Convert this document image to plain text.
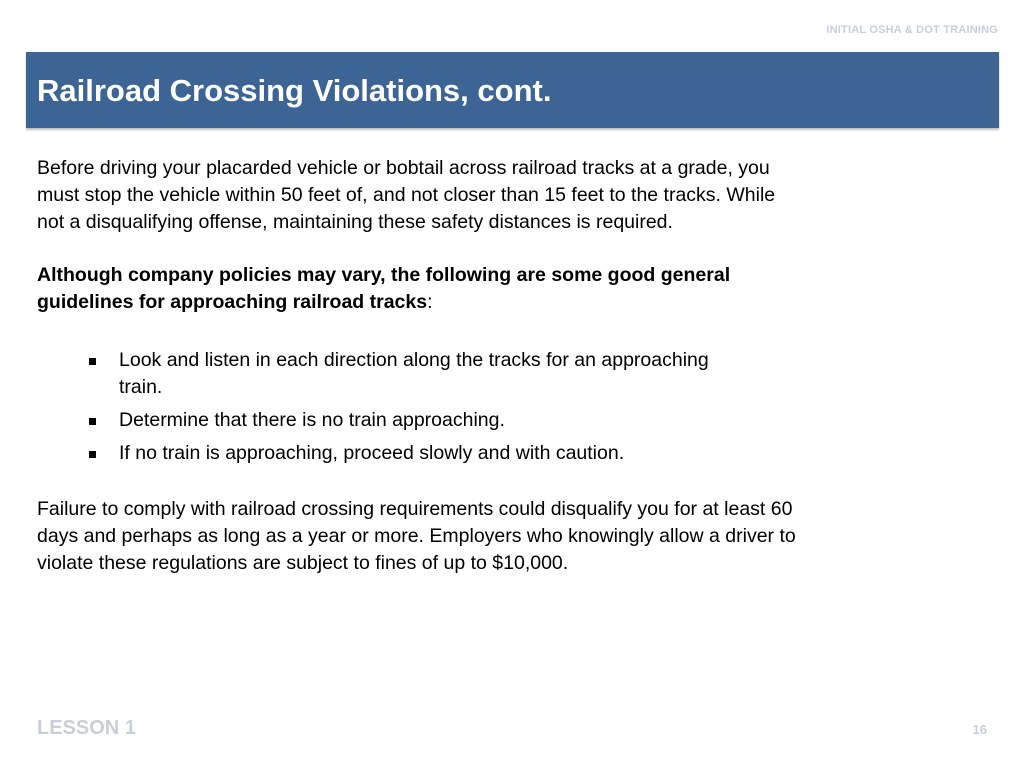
INITIAL OSHA & DOT TRAINING
Railroad Crossing Violations, cont.

Before driving your placarded vehicle or bobtail across railroad tracks at a grade, you must stop the vehicle within 50 feet of, and not closer than 15 feet to the tracks. While not a disqualifying offense, maintaining these safety distances is required.

Although company policies may vary, the following are some good general guidelines for approaching railroad tracks:

Look and listen in each direction along the tracks for an approaching train.
Determine that there is no train approaching.
If no train is approaching, proceed slowly and with caution.

Failure to comply with railroad crossing requirements could disqualify you for at least 60 days and perhaps as long as a year or more. Employers who knowingly allow a driver to violate these regulations are subject to fines of up to $10,000.

LESSON 1	16
